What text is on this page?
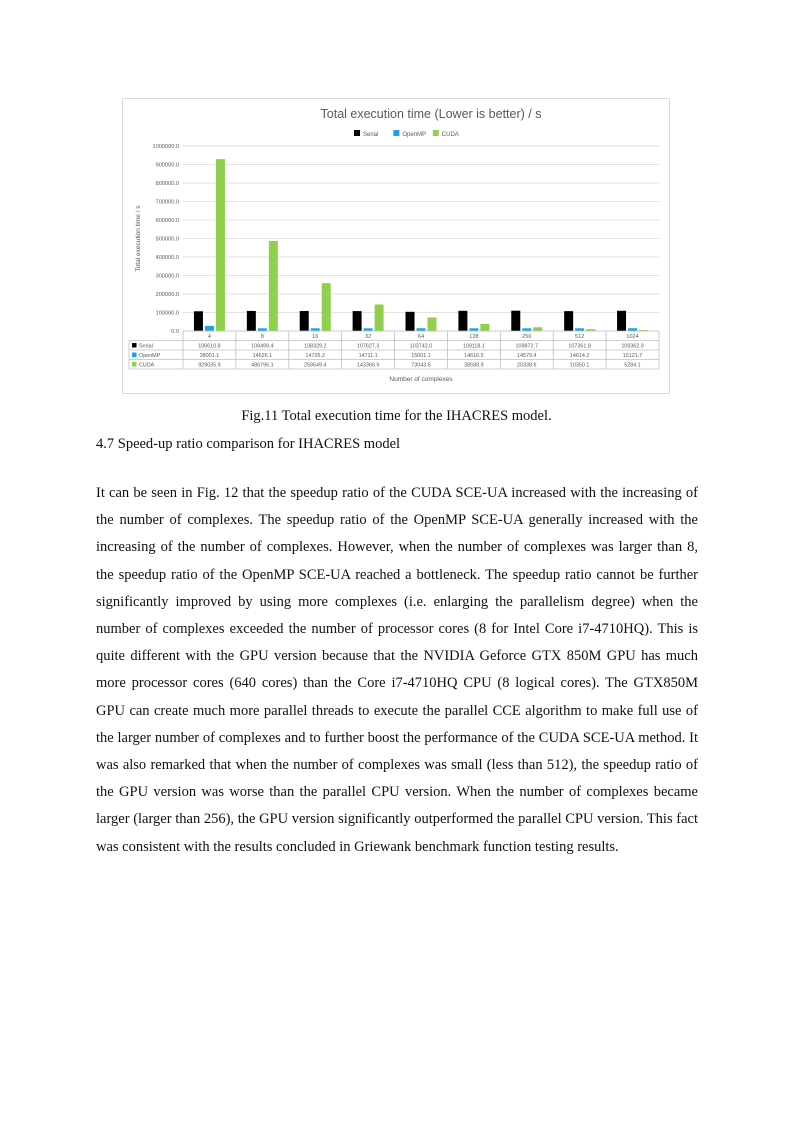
Total execution time (Lower is better) / s
Serial	OpenMP	CUDA
0.0
100000.0
200000.0
300000.0
400000.0
500000.0
600000.0
700000.0
800000.0
900000.0
1000000.0
Total execution time / s
4	8	16	32	64	128	256	512	1024
Serial	106610.8	108499.4	108329.2	107627.3	103742.0	109118.1	109872.7	107361.8	109362.9
OpenMP	28001.1	14626.1	14726.2	14711.1	15001.1	14616.5	14579.4	14614.2	15121.7
CUDA	929035.9	486796.1	258649.4	143366.9	73043.6	38588.9	20338.6	10350.1	5284.1
Number of complexes
Fig.11 Total execution time for the IHACRES model.
4.7 Speed-up ratio comparison for IHACRES model

It can be seen in Fig. 12 that the speedup ratio of the CUDA SCE-UA increased with the increasing of the number of complexes. The speedup ratio of the OpenMP SCE-UA generally increased with the increasing of the number of complexes. However, when the number of complexes was larger than 8, the speedup ratio of the OpenMP SCE-UA reached a bottleneck. The speedup ratio cannot be further significantly improved by using more complexes (i.e. enlarging the parallelism degree) when the number of complexes exceeded the number of processor cores (8 for Intel Core i7-4710HQ). This is quite different with the GPU version because that the NVIDIA Geforce GTX 850M GPU has much more processor cores (640 cores) than the Core i7-4710HQ CPU (8 logical cores). The GTX850M GPU can create much more parallel threads to execute the parallel CCE algorithm to make full use of the larger number of complexes and to further boost the performance of the CUDA SCE-UA method. It was also remarked that when the number of complexes was small (less than 512), the speedup ratio of the GPU version was worse than the parallel CPU version. When the number of complexes became larger (larger than 256), the GPU version significantly outperformed the parallel CPU version. This fact was consistent with the results concluded in Griewank benchmark function testing results.
